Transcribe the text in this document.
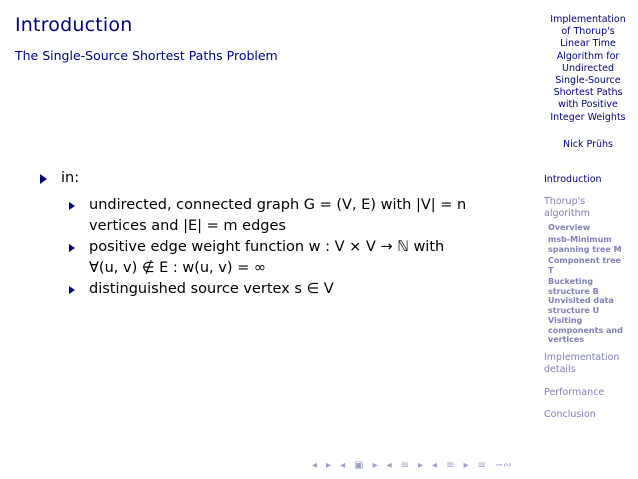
Introduction
The Single-Source Shortest Paths Problem
in:
undirected, connected graph G = (V, E) with |V| = n
vertices and |E| = m edges
positive edge weight function w : V × V → ℕ with
∀(u, v) ∉ E : w(u, v) = ∞
distinguished source vertex s ∈ V
◂ ▸ ◂ ▣ ▸ ◂ ≡ ▸ ◂ ≡ ▸ ≡ ∽∾
Implementation
of Thorup's
Linear Time
Algorithm for
Undirected
Single-Source
Shortest Paths
with Positive
Integer Weights
Nick Prühs
Introduction
Thorup's
algorithm
Overview
msb-Minimum
spanning tree M
Component tree
T
Bucketing
structure B
Unvisited data
structure U
Visiting
components and
vertices
Implementation
details
Performance
Conclusion
